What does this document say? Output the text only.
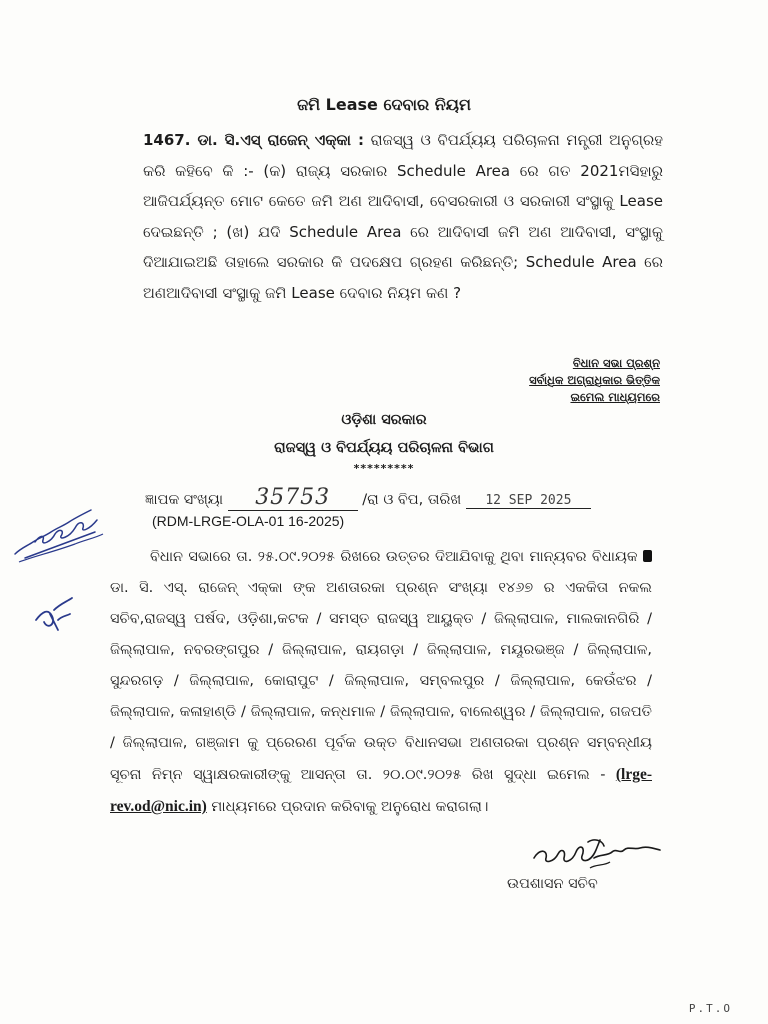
ଜମି Lease ଦେବାର ନିୟମ
1467. ଡା. ସି.ଏସ୍ ରାଜେନ୍ ଏକ୍କା : ରାଜସ୍ୱ ଓ ବିପର୍ଯ୍ୟୟ ପରିଚାଳନା ମନ୍ତ୍ରୀ ଅନୁଗ୍ରହ କରି କହିବେ କି :- (କ) ରାଜ୍ୟ ସରକାର Schedule Area ରେ ଗତ 2021ମସିହାରୁ ଆଜିପର୍ଯ୍ୟନ୍ତ ମୋଟ କେତେ ଜମି ଅଣ ଆଦିବାସୀ, ବେସରକାରୀ ଓ ସରକାରୀ ସଂସ୍ଥାକୁ Lease ଦେଇଛନ୍ତି ; (ଖ) ଯଦି Schedule Area ରେ ଆଦିବାସୀ ଜମି ଅଣ ଆଦିବାସୀ, ସଂସ୍ଥାକୁ ଦିଆଯାଇଅଛି ତାହାଲେ ସରକାର କି ପଦକ୍ଷେପ ଗ୍ରହଣ କରିଛନ୍ତି; Schedule Area ରେ ଅଣଆଦିବାସୀ ସଂସ୍ଥାକୁ ଜମି Lease ଦେବାର ନିୟମ କଣ ?
ବିଧାନ ସଭା ପ୍ରଶ୍ନ
ସର୍ବାଧିକ ଅଗ୍ରାଧିକାର ଭିତ୍ତିକ
ଇମେଲ ମାଧ୍ୟମରେ
ଓଡ଼ିଶା ସରକାର
ରାଜସ୍ୱ ଓ ବିପର୍ଯ୍ୟୟ ପରିଚାଳନା ବିଭାଗ
*********
ଜ୍ଞାପକ ସଂଖ୍ୟା 35753 /ରା ଓ ବିପ, ତାରିଖ 12 SEP 2025
(RDM-LRGE-OLA-01 16-2025)
ବିଧାନ ସଭାରେ ତା. ୨୫.୦୯.୨୦୨୫ ରିଖରେ ଉତ୍ତର ଦିଆଯିବାକୁ ଥିବା ମାନ୍ୟବର ବିଧାୟକ  ଡା. ସି. ଏସ୍. ରାଜେନ୍ ଏକ୍କା ଙ୍କ ଅଣତାରକା ପ୍ରଶ୍ନ ସଂଖ୍ୟା ୧୪୬୭ ର ଏକକିତା ନକଲ ସଚିବ,ରାଜସ୍ୱ ପର୍ଷଦ, ଓଡ଼ିଶା,କଟକ / ସମସ୍ତ ରାଜସ୍ୱ ଆୟୁକ୍ତ / ଜିଲ୍ଲାପାଳ, ମାଲକାନଗିରି / ଜିଲ୍ଲାପାଳ, ନବରଙ୍ଗପୁର / ଜିଲ୍ଲାପାଳ, ରାୟଗଡ଼ା / ଜିଲ୍ଲାପାଳ, ମୟୂରଭଞ୍ଜ / ଜିଲ୍ଲାପାଳ, ସୁନ୍ଦରଗଡ଼ / ଜିଲ୍ଲାପାଳ, କୋରାପୁଟ / ଜିଲ୍ଲାପାଳ, ସମ୍ବଲପୁର / ଜିଲ୍ଲାପାଳ, କେଉଁଝର / ଜିଲ୍ଲାପାଳ, କଳାହାଣ୍ଡି / ଜିଲ୍ଲାପାଳ, କନ୍ଧମାଳ / ଜିଲ୍ଲାପାଳ, ବାଲେଶ୍ୱର / ଜିଲ୍ଲାପାଳ, ଗଜପତି / ଜିଲ୍ଲାପାଳ, ଗଞ୍ଜାମ କୁ ପ୍ରେରଣ ପୂର୍ବକ ଉକ୍ତ ବିଧାନସଭା ଅଣତାରକା ପ୍ରଶ୍ନ ସମ୍ବନ୍ଧୀୟ ସୂଚନା ନିମ୍ନ ସ୍ୱାକ୍ଷରକାରୀଙ୍କୁ ଆସନ୍ତା ତା. ୨୦.୦୯.୨୦୨୫ ରିଖ ସୁଦ୍ଧା ଇମେଲ - (lrge-rev.od@nic.in) ମାଧ୍ୟମରେ ପ୍ରଦାନ କରିବାକୁ ଅନୁରୋଧ କରାଗଲା।
ଉପଶାସନ ସଚିବ
P.T.O
